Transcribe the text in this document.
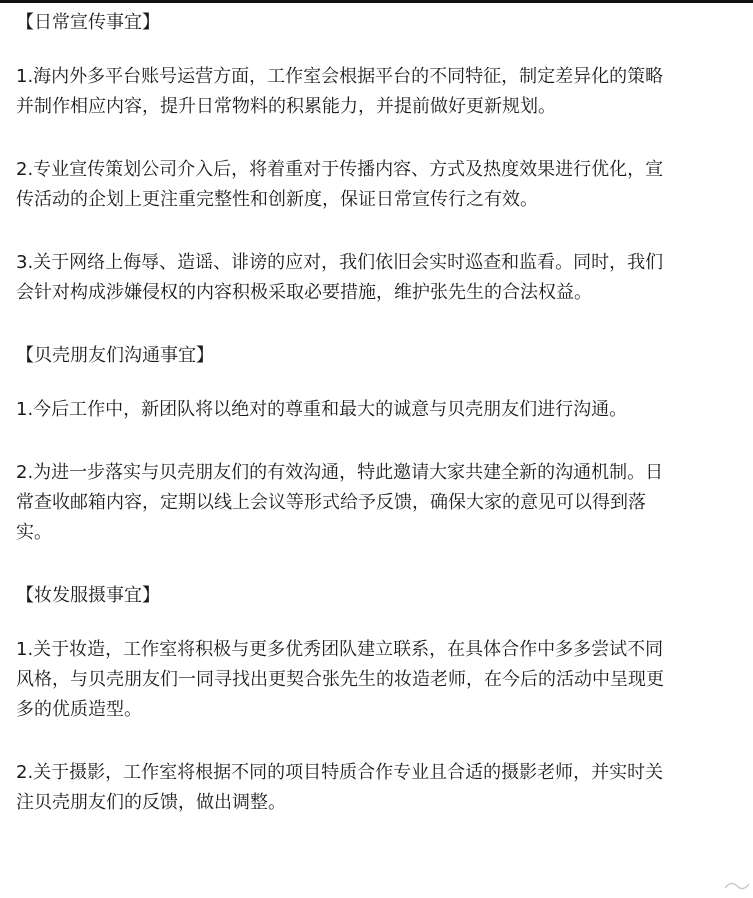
【日常宣传事宜】
1.海内外多平台账号运营方面，工作室会根据平台的不同特征，制定差异化的策略
并制作相应内容，提升日常物料的积累能力，并提前做好更新规划。
2.专业宣传策划公司介入后，将着重对于传播内容、方式及热度效果进行优化，宣
传活动的企划上更注重完整性和创新度，保证日常宣传行之有效。
3.关于网络上侮辱、造谣、诽谤的应对，我们依旧会实时巡查和监看。同时，我们
会针对构成涉嫌侵权的内容积极采取必要措施，维护张先生的合法权益。
【贝壳朋友们沟通事宜】
1.今后工作中，新团队将以绝对的尊重和最大的诚意与贝壳朋友们进行沟通。
2.为进一步落实与贝壳朋友们的有效沟通，特此邀请大家共建全新的沟通机制。日
常查收邮箱内容，定期以线上会议等形式给予反馈，确保大家的意见可以得到落
实。
【妆发服摄事宜】
1.关于妆造，工作室将积极与更多优秀团队建立联系，在具体合作中多多尝试不同
风格，与贝壳朋友们一同寻找出更契合张先生的妆造老师，在今后的活动中呈现更
多的优质造型。
2.关于摄影，工作室将根据不同的项目特质合作专业且合适的摄影老师，并实时关
注贝壳朋友们的反馈，做出调整。
